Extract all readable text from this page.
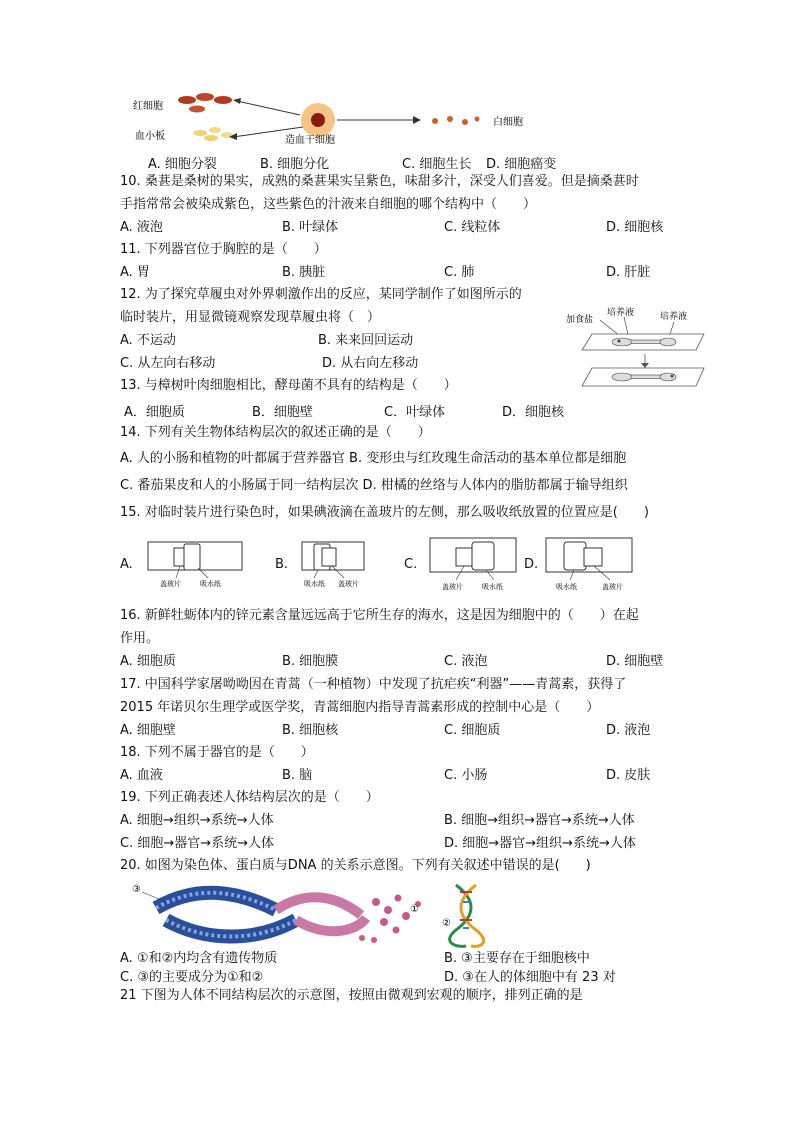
红细胞
血小板	造血干细胞
白细胞
A. 细胞分裂	B. 细胞分化	C. 细胞生长 D. 细胞癌变
10. 桑葚是桑树的果实，成熟的桑葚果实呈紫色，味甜多汁，深受人们喜爱。但是摘桑葚时
手指常常会被染成紫色，这些紫色的汁液来自细胞的哪个结构中（　　）
A. 液泡	B. 叶绿体	C. 线粒体	D. 细胞核
11. 下列器官位于胸腔的是（　　）
A. 胃	B. 胰脏	C. 肺	D. 肝脏
12. 为了探究草履虫对外界刺激作出的反应，某同学制作了如图所示的
临时装片，用显微镜观察发现草履虫将（　）
A. 不运动	B. 来来回回运动
C. 从左向右移动	D. 从右向左移动
加食盐
培养液	培养液
13. 与樟树叶肉细胞相比，酵母菌不具有的结构是（　　）
A．细胞质	B．细胞壁	C．叶绿体	D．细胞核
14. 下列有关生物体结构层次的叙述正确的是（　　）
A. 人的小肠和植物的叶都属于营养器官 B. 变形虫与红玫瑰生命活动的基本单位都是细胞
C. 番茄果皮和人的小肠属于同一结构层次 D. 柑橘的丝络与人体内的脂肪都属于输导组织
15. 对临时装片进行染色时，如果碘液滴在盖玻片的左侧，那么吸收纸放置的位置应是(　　)
A.
盖玻片	吸水纸
B.
吸水纸 盖玻片
C.
盖玻片	吸水纸
D.
吸水纸	盖玻片
16. 新鲜牡蛎体内的锌元素含量远远高于它所生存的海水，这是因为细胞中的（　　）在起
作用。
A. 细胞质	B. 细胞膜	C. 液泡	D. 细胞壁
17. 中国科学家屠呦呦因在青蒿（一种植物）中发现了抗疟疾“利器”——青蒿素，获得了
2015 年诺贝尔生理学或医学奖，青蒿细胞内指导青蒿素形成的控制中心是（　　）
A. 细胞壁	B. 细胞核	C. 细胞质	D. 液泡
18. 下列不属于器官的是（　　）
A. 血液	B. 脑	C. 小肠	D. 皮肤
19. 下列正确表述人体结构层次的是（　　）
A. 细胞→组织→系统→人体	B. 细胞→组织→器官→系统→人体
C. 细胞→器官→系统→人体	D. 细胞→器官→组织→系统→人体
20. 如图为染色体、蛋白质与DNA 的关系示意图。下列有关叙述中错误的是(　　)
③
①
②
A. ①和②内均含有遗传物质	B. ③主要存在于细胞核中
C. ③的主要成分为①和②	D. ③在人的体细胞中有 23 对
21 下图为人体不同结构层次的示意图，按照由微观到宏观的顺序，排列正确的是
